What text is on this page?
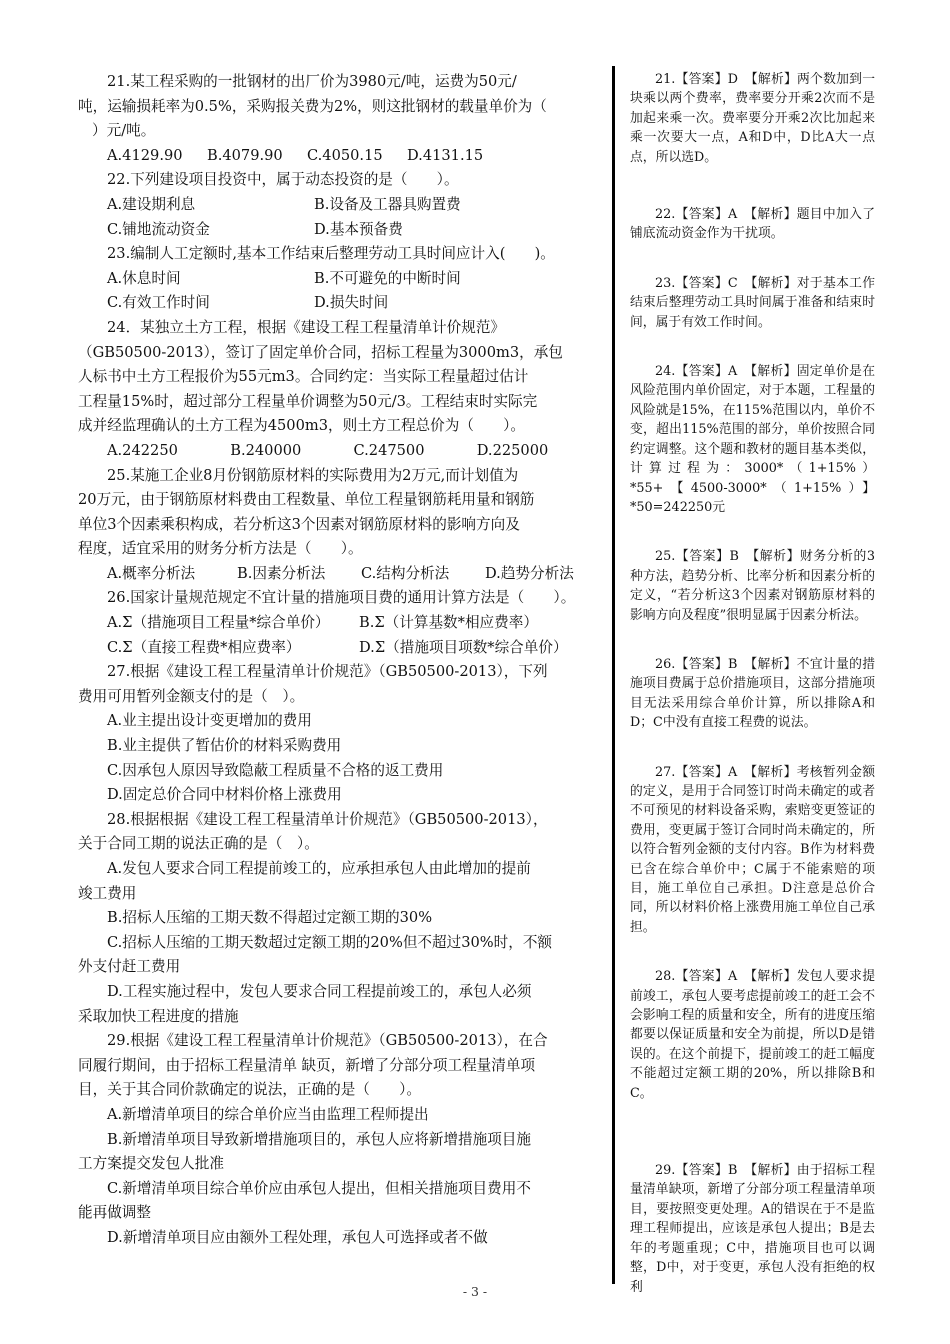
21.某工程采购的一批钢材的出厂价为3980元/吨，运费为50元/

吨，运输损耗率为0.5%，采购报关费为2%，则这批钢材的载量单价为（

）元/吨。

A.4129.90	B.4079.90	C.4050.15	D.4131.15

22.下列建设项目投资中，属于动态投资的是（　　）。

A.建设期利息	B.设备及工器具购置费
C.铺地流动资金	D.基本预备费

23.编制人工定额时,基本工作结束后整理劳动工具时间应计入(　　)。

A.休息时间	B.不可避免的中断时间
C.有效工作时间	D.损失时间

24．某独立土方工程，根据《建设工程工程量清单计价规范》

（GB50500-2013），签订了固定单价合同，招标工程量为3000m3，承包

人标书中土方工程报价为55元m3。合同约定：当实际工程量超过估计

工程量15%时，超过部分工程量单价调整为50元/3。工程结束时实际完

成并经监理确认的土方工程为4500m3，则土方工程总价为（　　）。

A.242250	B.240000	C.247500	D.225000

25.某施工企业8月份钢筋原材料的实际费用为2万元,而计划值为

20万元，由于钢筋原材料费由工程数量、单位工程量钢筋耗用量和钢筋

单位3个因素乘积构成，若分析这3个因素对钢筋原材料的影响方向及

程度，适宜采用的财务分析方法是（　　）。

A.概率分析法	B.因素分析法	C.结构分析法	D.趋势分析法

26.国家计量规范规定不宜计量的措施项目费的通用计算方法是（　　）。

A.Σ（措施项目工程量*综合单价）	B.Σ（计算基数*相应费率）
C.Σ（直接工程费*相应费率）	D.Σ（措施项目项数*综合单价）

27.根据《建设工程工程量清单计价规范》（GB50500-2013），下列

费用可用暂列金额支付的是（　）。

A.业主提出设计变更增加的费用

B.业主提供了暂估价的材料采购费用

C.因承包人原因导致隐蔽工程质量不合格的返工费用

D.固定总价合同中材料价格上涨费用

28.根据根据《建设工程工程量清单计价规范》（GB50500-2013），

关于合同工期的说法正确的是（　）。

A.发包人要求合同工程提前竣工的，应承担承包人由此增加的提前

竣工费用

B.招标人压缩的工期天数不得超过定额工期的30%

C.招标人压缩的工期天数超过定额工期的20%但不超过30%时，不额

外支付赶工费用

D.工程实施过程中，发包人要求合同工程提前竣工的，承包人必须

采取加快工程进度的措施

29.根据《建设工程工程量清单计价规范》（GB50500-2013），在合

同履行期间，由于招标工程量清单 缺页，新增了分部分项工程量清单项

目，关于其合同价款确定的说法，正确的是（　　）。

A.新增清单项目的综合单价应当由监理工程师提出

B.新增清单项目导致新增措施项目的，承包人应将新增措施项目施

工方案提交发包人批准

C.新增清单项目综合单价应由承包人提出，但相关措施项目费用不

能再做调整

D.新增清单项目应由额外工程处理，承包人可选择或者不做

21.【答案】D　【解析】两个数加到一块乘以两个费率，费率要分开乘2次而不是加起来乘一次。费率要分开乘2次比加起来乘一次要大一点，A和D中，D比A大一点点，所以选D。

22.【答案】A　【解析】题目中加入了铺底流动资金作为干扰项。

23.【答案】C　【解析】对于基本工作结束后整理劳动工具时间属于准备和结束时间，属于有效工作时间。

24.【答案】A　【解析】固定单价是在风险范围内单价固定，对于本题，工程量的风险就是15%，在115%范围以内，单价不变，超出115%范围的部分，单价按照合同约定调整。这个题和教材的题目基本类似，计算过程为：3000*（1+15%）*55+【4500-3000*（1+15%）】*50=242250元

25.【答案】B　【解析】财务分析的3种方法，趋势分析、比率分析和因素分析的定义，“若分析这3个因素对钢筋原材料的影响方向及程度”很明显属于因素分析法。

26.【答案】B　【解析】不宜计量的措施项目费属于总价措施项目，这部分措施项目无法采用综合单价计算，所以排除A和D；C中没有直接工程费的说法。

27.【答案】A　【解析】考核暂列金额的定义，是用于合同签订时尚未确定的或者不可预见的材料设备采购，索赔变更签证的费用，变更属于签订合同时尚未确定的，所以符合暂列金额的支付内容。B作为材料费已含在综合单价中；C属于不能索赔的项目，施工单位自己承担。D注意是总价合同，所以材料价格上涨费用施工单位自己承担。

28.【答案】A　【解析】发包人要求提前竣工，承包人要考虑提前竣工的赶工会不会影响工程的质量和安全，所有的进度压缩都要以保证质量和安全为前提，所以D是错误的。在这个前提下，提前竣工的赶工幅度不能超过定额工期的20%，所以排除B和C。

29.【答案】B　【解析】由于招标工程量清单缺项，新增了分部分项工程量清单项目，要按照变更处理。A的错误在于不是监理工程师提出，应该是承包人提出；B是去年的考题重现；C中，措施项目也可以调整，D中，对于变更，承包人没有拒绝的权利

- 3 -
